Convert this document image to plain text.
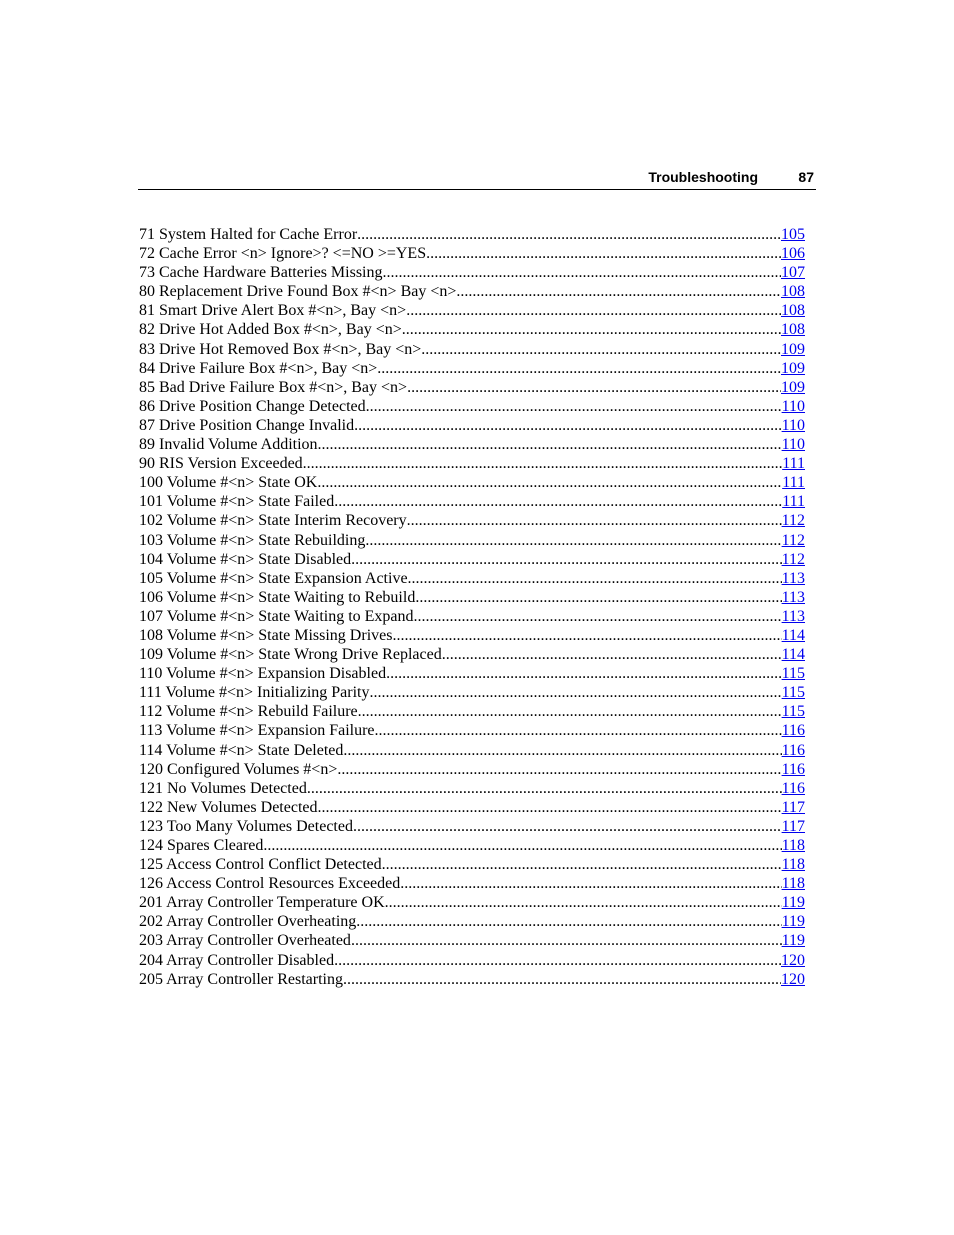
Troubleshooting	87
71 System Halted for Cache Error .....	105
72 Cache Error <n> Ignore>? <=NO >=YES .....	106
73 Cache Hardware Batteries Missing .....	107
80 Replacement Drive Found Box #<n> Bay <n> .....	108
81 Smart Drive Alert Box #<n>, Bay <n> .....	108
82 Drive Hot Added Box #<n>, Bay <n> .....	108
83 Drive Hot Removed Box #<n>, Bay <n> .....	109
84 Drive Failure Box #<n>, Bay <n> .....	109
85 Bad Drive Failure Box #<n>, Bay <n> .....	109
86 Drive Position Change Detected .....	110
87 Drive Position Change Invalid .....	110
89 Invalid Volume Addition .....	110
90 RIS Version Exceeded .....	111
100 Volume #<n> State OK .....	111
101 Volume #<n> State Failed .....	111
102 Volume #<n> State Interim Recovery .....	112
103 Volume #<n> State Rebuilding .....	112
104 Volume #<n> State Disabled .....	112
105 Volume #<n> State Expansion Active .....	113
106 Volume #<n> State Waiting to Rebuild .....	113
107 Volume #<n> State Waiting to Expand .....	113
108 Volume #<n> State Missing Drives .....	114
109 Volume #<n> State Wrong Drive Replaced .....	114
110 Volume #<n> Expansion Disabled .....	115
111 Volume #<n> Initializing Parity .....	115
112 Volume #<n> Rebuild Failure .....	115
113 Volume #<n> Expansion Failure .....	116
114 Volume #<n> State Deleted .....	116
120 Configured Volumes #<n> .....	116
121 No Volumes Detected .....	116
122 New Volumes Detected .....	117
123 Too Many Volumes Detected .....	117
124 Spares Cleared .....	118
125 Access Control Conflict Detected .....	118
126 Access Control Resources Exceeded .....	118
201 Array Controller Temperature OK .....	119
202 Array Controller Overheating .....	119
203 Array Controller Overheated .....	119
204 Array Controller Disabled .....	120
205 Array Controller Restarting .....	120
